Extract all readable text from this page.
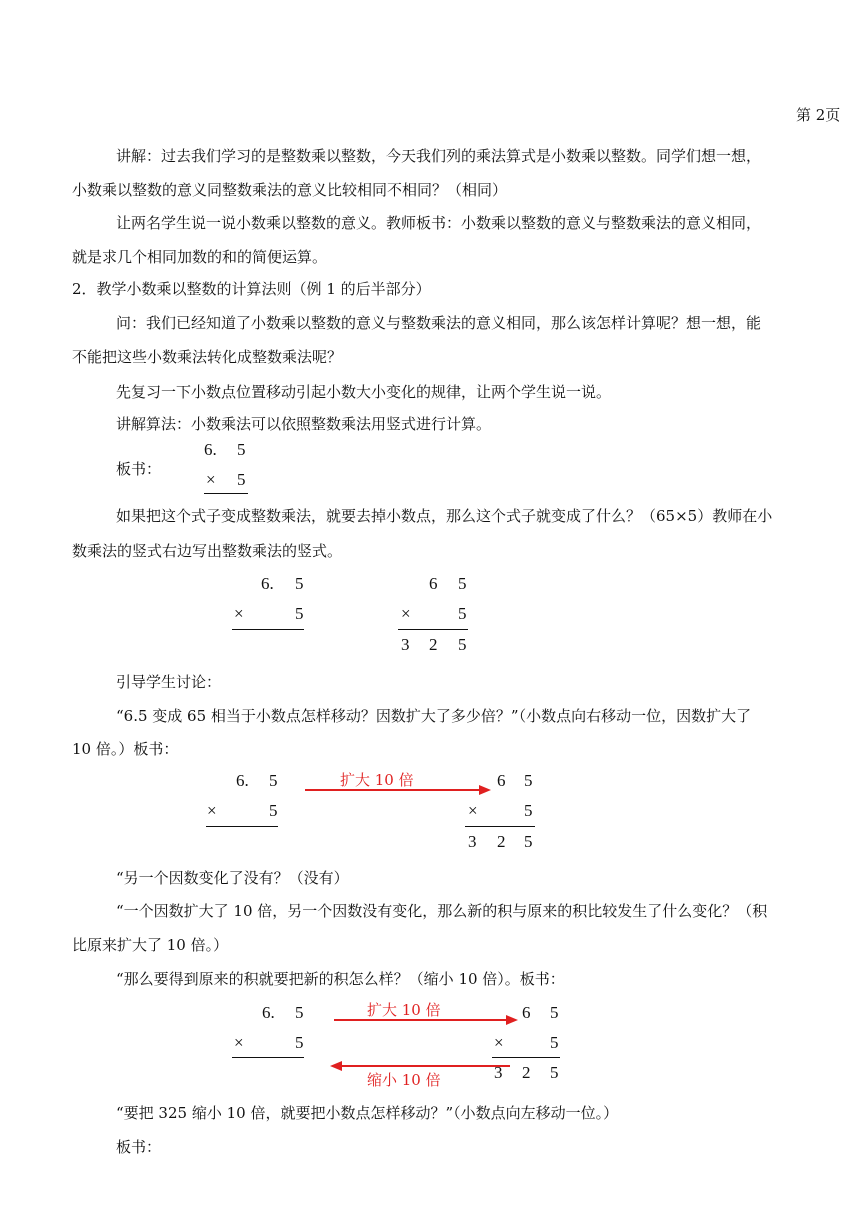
第 2页
讲解：过去我们学习的是整数乘以整数，今天我们列的乘法算式是小数乘以整数。同学们想一想，
小数乘以整数的意义同整数乘法的意义比较相同不相同？（相同）
让两名学生说一说小数乘以整数的意义。教师板书：小数乘以整数的意义与整数乘法的意义相同，
就是求几个相同加数的和的简便运算。
2．教学小数乘以整数的计算法则（例 1 的后半部分）
问：我们已经知道了小数乘以整数的意义与整数乘法的意义相同，那么该怎样计算呢？想一想，能
不能把这些小数乘法转化成整数乘法呢？
先复习一下小数点位置移动引起小数大小变化的规律，让两个学生说一说。
讲解算法：小数乘法可以依照整数乘法用竖式进行计算。
板书：
6. 5
× 5
如果把这个式子变成整数乘法，就要去掉小数点，那么这个式子就变成了什么？（65×5）教师在小
数乘法的竖式右边写出整数乘法的竖式。
6. 5
×	5
6 5
×	5
3 2 5
引导学生讨论：
“6.5 变成 65 相当于小数点怎样移动？因数扩大了多少倍？”（小数点向右移动一位，因数扩大了
10 倍。）板书：
6. 5
×	5
扩大 10 倍	6 5
×	5
3 2 5
“另一个因数变化了没有？（没有）
“一个因数扩大了 10 倍，另一个因数没有变化，那么新的积与原来的积比较发生了什么变化？（积
比原来扩大了 10 倍。）
“那么要得到原来的积就要把新的积怎么样？（缩小 10 倍）。板书：
6. 5
×	5
扩大 10 倍	6 5
×	5
缩小 10 倍	3 2 5
“要把 325 缩小 10 倍，就要把小数点怎样移动？”（小数点向左移动一位。）
板书：
